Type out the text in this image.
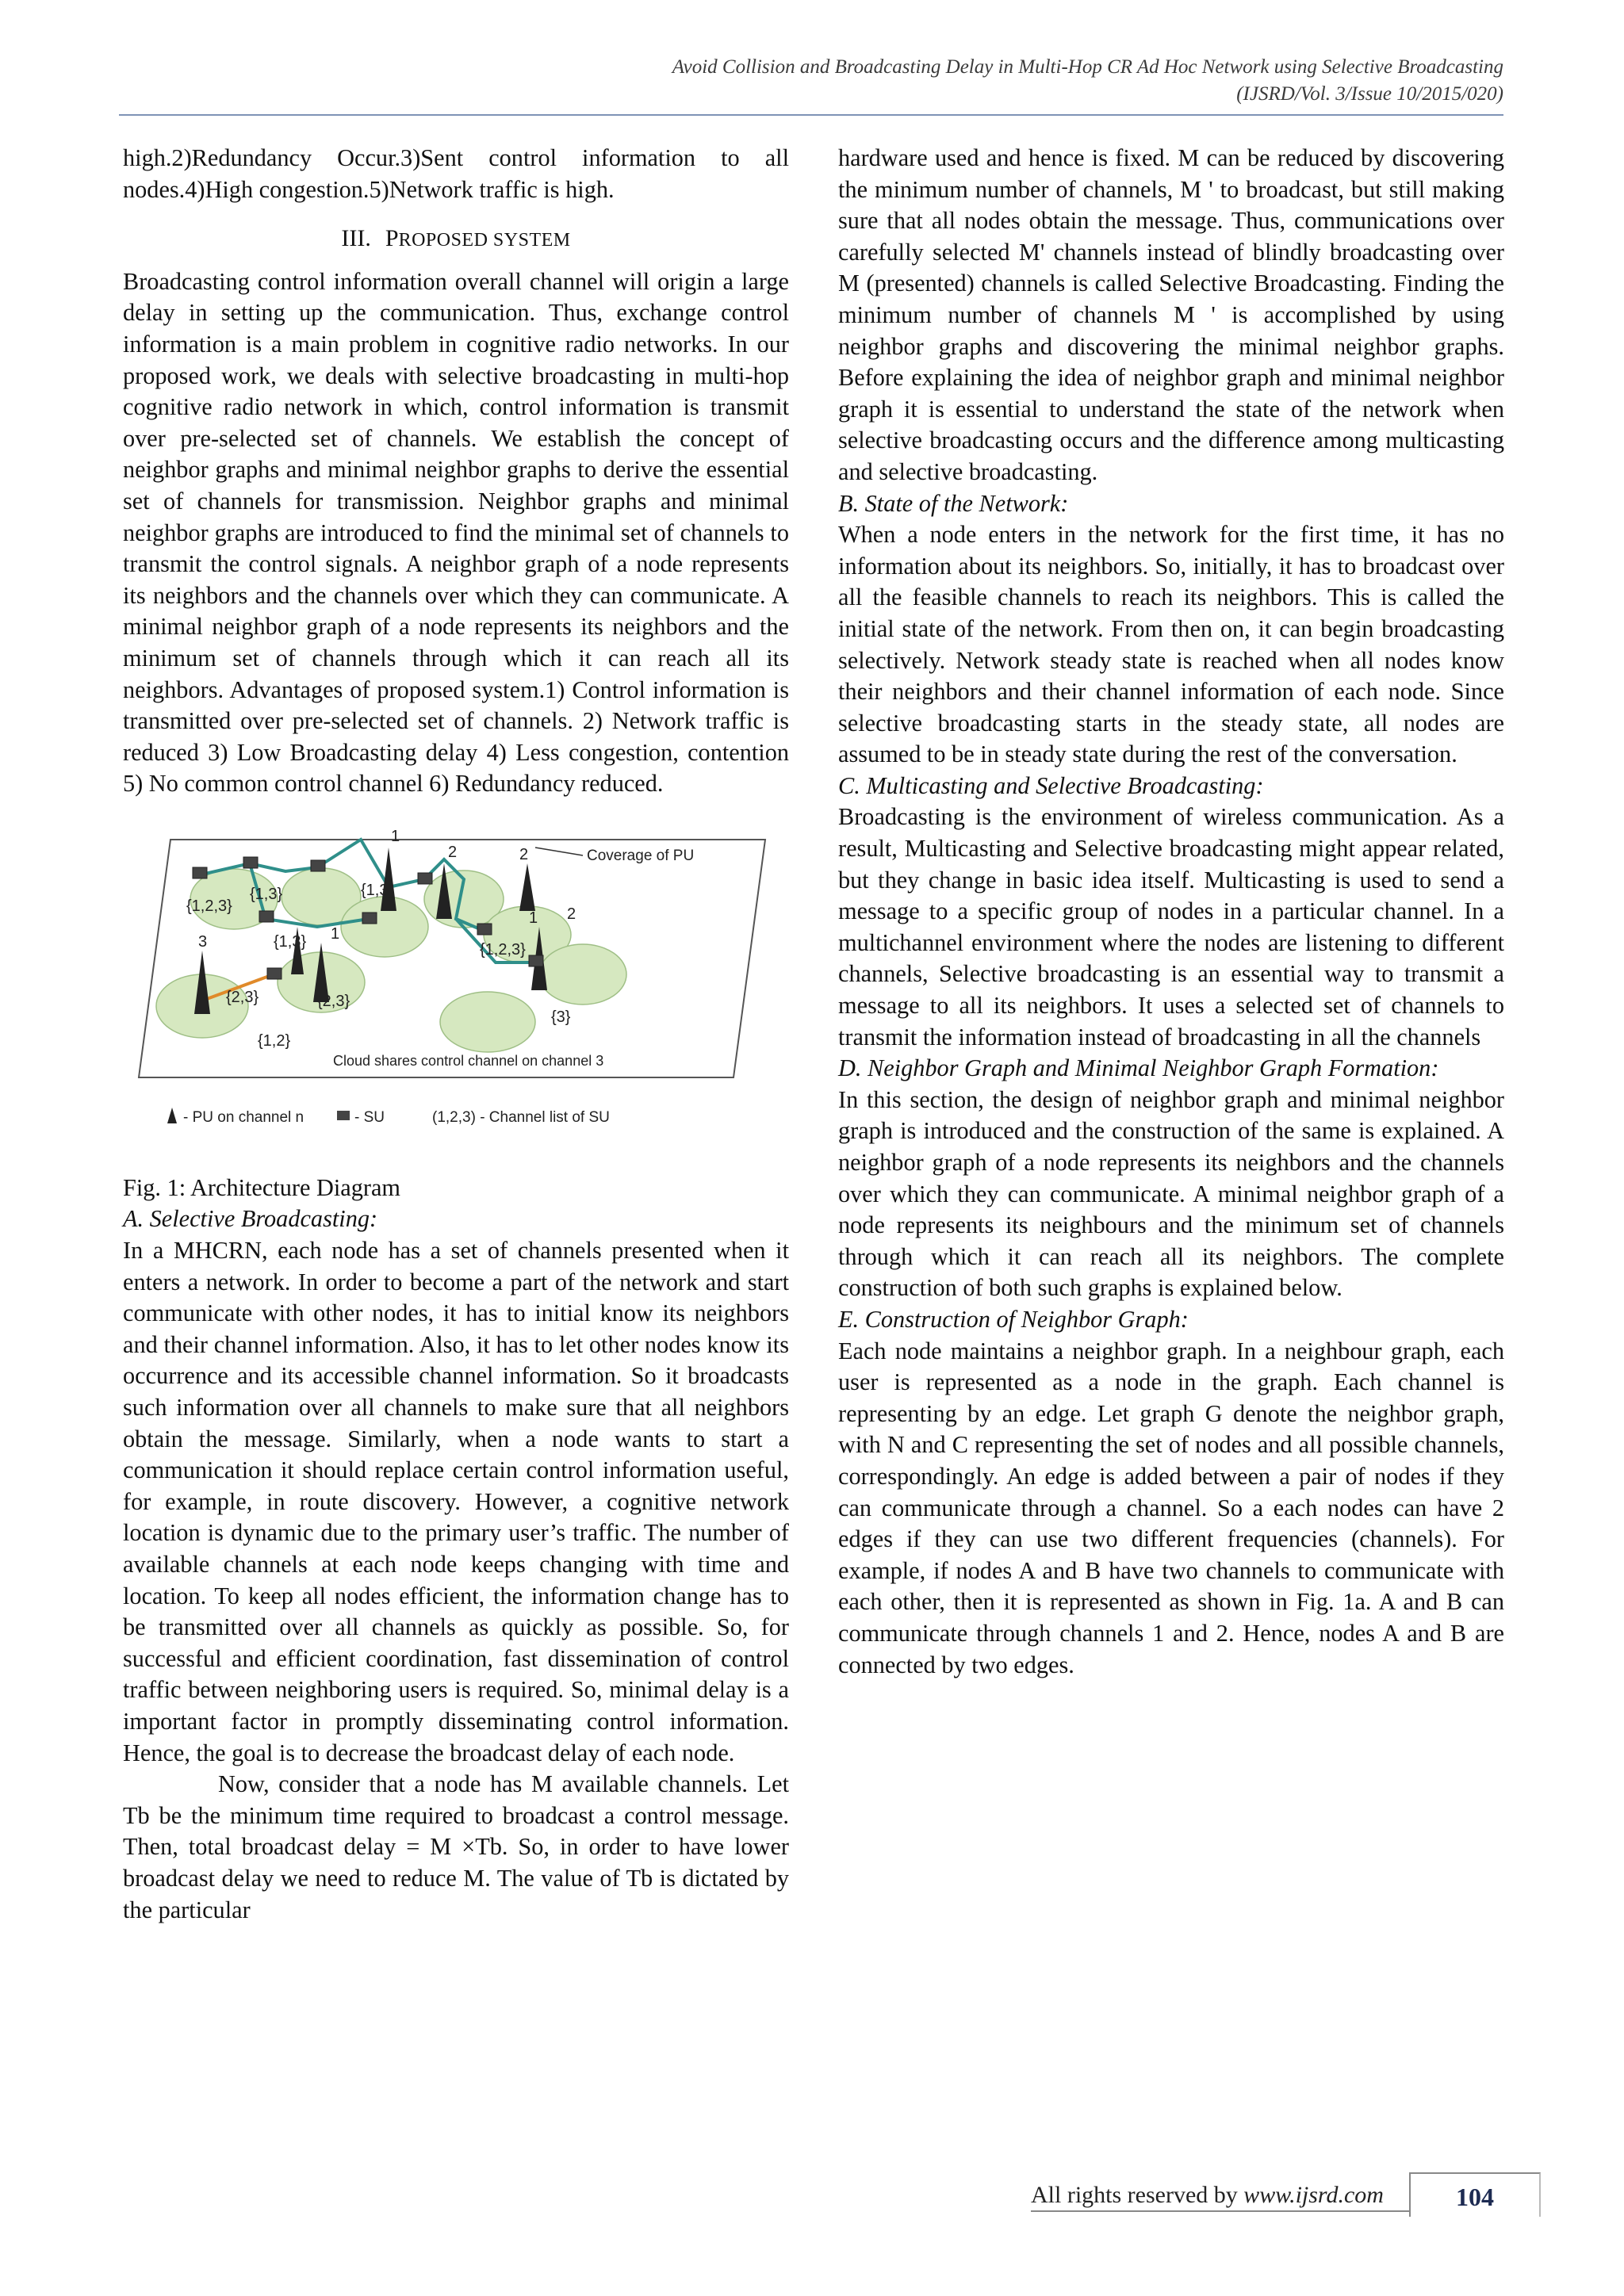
Avoid Collision and Broadcasting Delay in Multi-Hop CR Ad Hoc Network using Selective Broadcasting
(IJSRD/Vol. 3/Issue 10/2015/020)

high.2)Redundancy Occur.3)Sent control information to all nodes.4)High congestion.5)Network traffic is high.

III. PROPOSED SYSTEM

Broadcasting control information overall channel will origin a large delay in setting up the communication. Thus, exchange control information is a main problem in cognitive radio networks. In our proposed work, we deals with selective broadcasting in multi-hop cognitive radio network in which, control information is transmit over pre-selected set of channels. We establish the concept of neighbor graphs and minimal neighbor graphs to derive the essential set of channels for transmission. Neighbor graphs and minimal neighbor graphs are introduced to find the minimal set of channels to transmit the control signals. A neighbor graph of a node represents its neighbors and the channels over which they can communicate. A minimal neighbor graph of a node represents its neighbors and the minimum set of channels through which it can reach all its neighbors. Advantages of proposed system.1) Control information is transmitted over pre-selected set of channels. 2) Network traffic is reduced 3) Low Broadcasting delay 4) Less congestion, contention 5) No common control channel 6) Redundancy reduced.

{1,2,3}
{1,3}
{2,3}
{1,3}
{1,3}	{1,2,3}
{2,3}
{1,2}
{3}
1
2
1
2
3
1
2	Coverage of PU
Cloud shares control channel on channel 3
- PU on channel n	- SU	(1,2,3) - Channel list of SU

Fig. 1: Architecture Diagram

A. Selective Broadcasting:

In a MHCRN, each node has a set of channels presented when it enters a network. In order to become a part of the network and start communicate with other nodes, it has to initial know its neighbors and their channel information. Also, it has to let other nodes know its occurrence and its accessible channel information. So it broadcasts such information over all channels to make sure that all neighbors obtain the message. Similarly, when a node wants to start a communication it should replace certain control information useful, for example, in route discovery. However, a cognitive network location is dynamic due to the primary user’s traffic. The number of available channels at each node keeps changing with time and location. To keep all nodes efficient, the information change has to be transmitted over all channels as quickly as possible. So, for successful and efficient coordination, fast dissemination of control traffic between neighboring users is required. So, minimal delay is a important factor in promptly disseminating control information. Hence, the goal is to decrease the broadcast delay of each node.

Now, consider that a node has M available channels. Let Tb be the minimum time required to broadcast a control message. Then, total broadcast delay = M ×Tb. So, in order to have lower broadcast delay we need to reduce M. The value of Tb is dictated by the particular

hardware used and hence is fixed. M can be reduced by discovering the minimum number of channels, M ' to broadcast, but still making sure that all nodes obtain the message. Thus, communications over carefully selected M' channels instead of blindly broadcasting over M (presented) channels is called Selective Broadcasting. Finding the minimum number of channels M ' is accomplished by using neighbor graphs and discovering the minimal neighbor graphs. Before explaining the idea of neighbor graph and minimal neighbor graph it is essential to understand the state of the network when selective broadcasting occurs and the difference among multicasting and selective broadcasting.

B. State of the Network:

When a node enters in the network for the first time, it has no information about its neighbors. So, initially, it has to broadcast over all the feasible channels to reach its neighbors. This is called the initial state of the network. From then on, it can begin broadcasting selectively. Network steady state is reached when all nodes know their neighbors and their channel information of each node. Since selective broadcasting starts in the steady state, all nodes are assumed to be in steady state during the rest of the conversation.

C. Multicasting and Selective Broadcasting:

Broadcasting is the environment of wireless communication. As a result, Multicasting and Selective broadcasting might appear related, but they change in basic idea itself. Multicasting is used to send a message to a specific group of nodes in a particular channel. In a multichannel environment where the nodes are listening to different channels, Selective broadcasting is an essential way to transmit a message to all its neighbors. It uses a selected set of channels to transmit the information instead of broadcasting in all the channels

D. Neighbor Graph and Minimal Neighbor Graph Formation:

In this section, the design of neighbor graph and minimal neighbor graph is introduced and the construction of the same is explained. A neighbor graph of a node represents its neighbors and the channels over which they can communicate. A minimal neighbor graph of a node represents its neighbours and the minimum set of channels through which it can reach all its neighbors. The complete construction of both such graphs is explained below.

E. Construction of Neighbor Graph:

Each node maintains a neighbor graph. In a neighbour graph, each user is represented as a node in the graph. Each channel is representing by an edge. Let graph G denote the neighbor graph, with N and C representing the set of nodes and all possible channels, correspondingly. An edge is added between a pair of nodes if they can communicate through a channel. So a each nodes can have 2 edges if they can use two different frequencies (channels). For example, if nodes A and B have two channels to communicate with each other, then it is represented as shown in Fig. 1a. A and B can communicate through channels 1 and 2. Hence, nodes A and B are connected by two edges.

All rights reserved by www.ijsrd.com	104
